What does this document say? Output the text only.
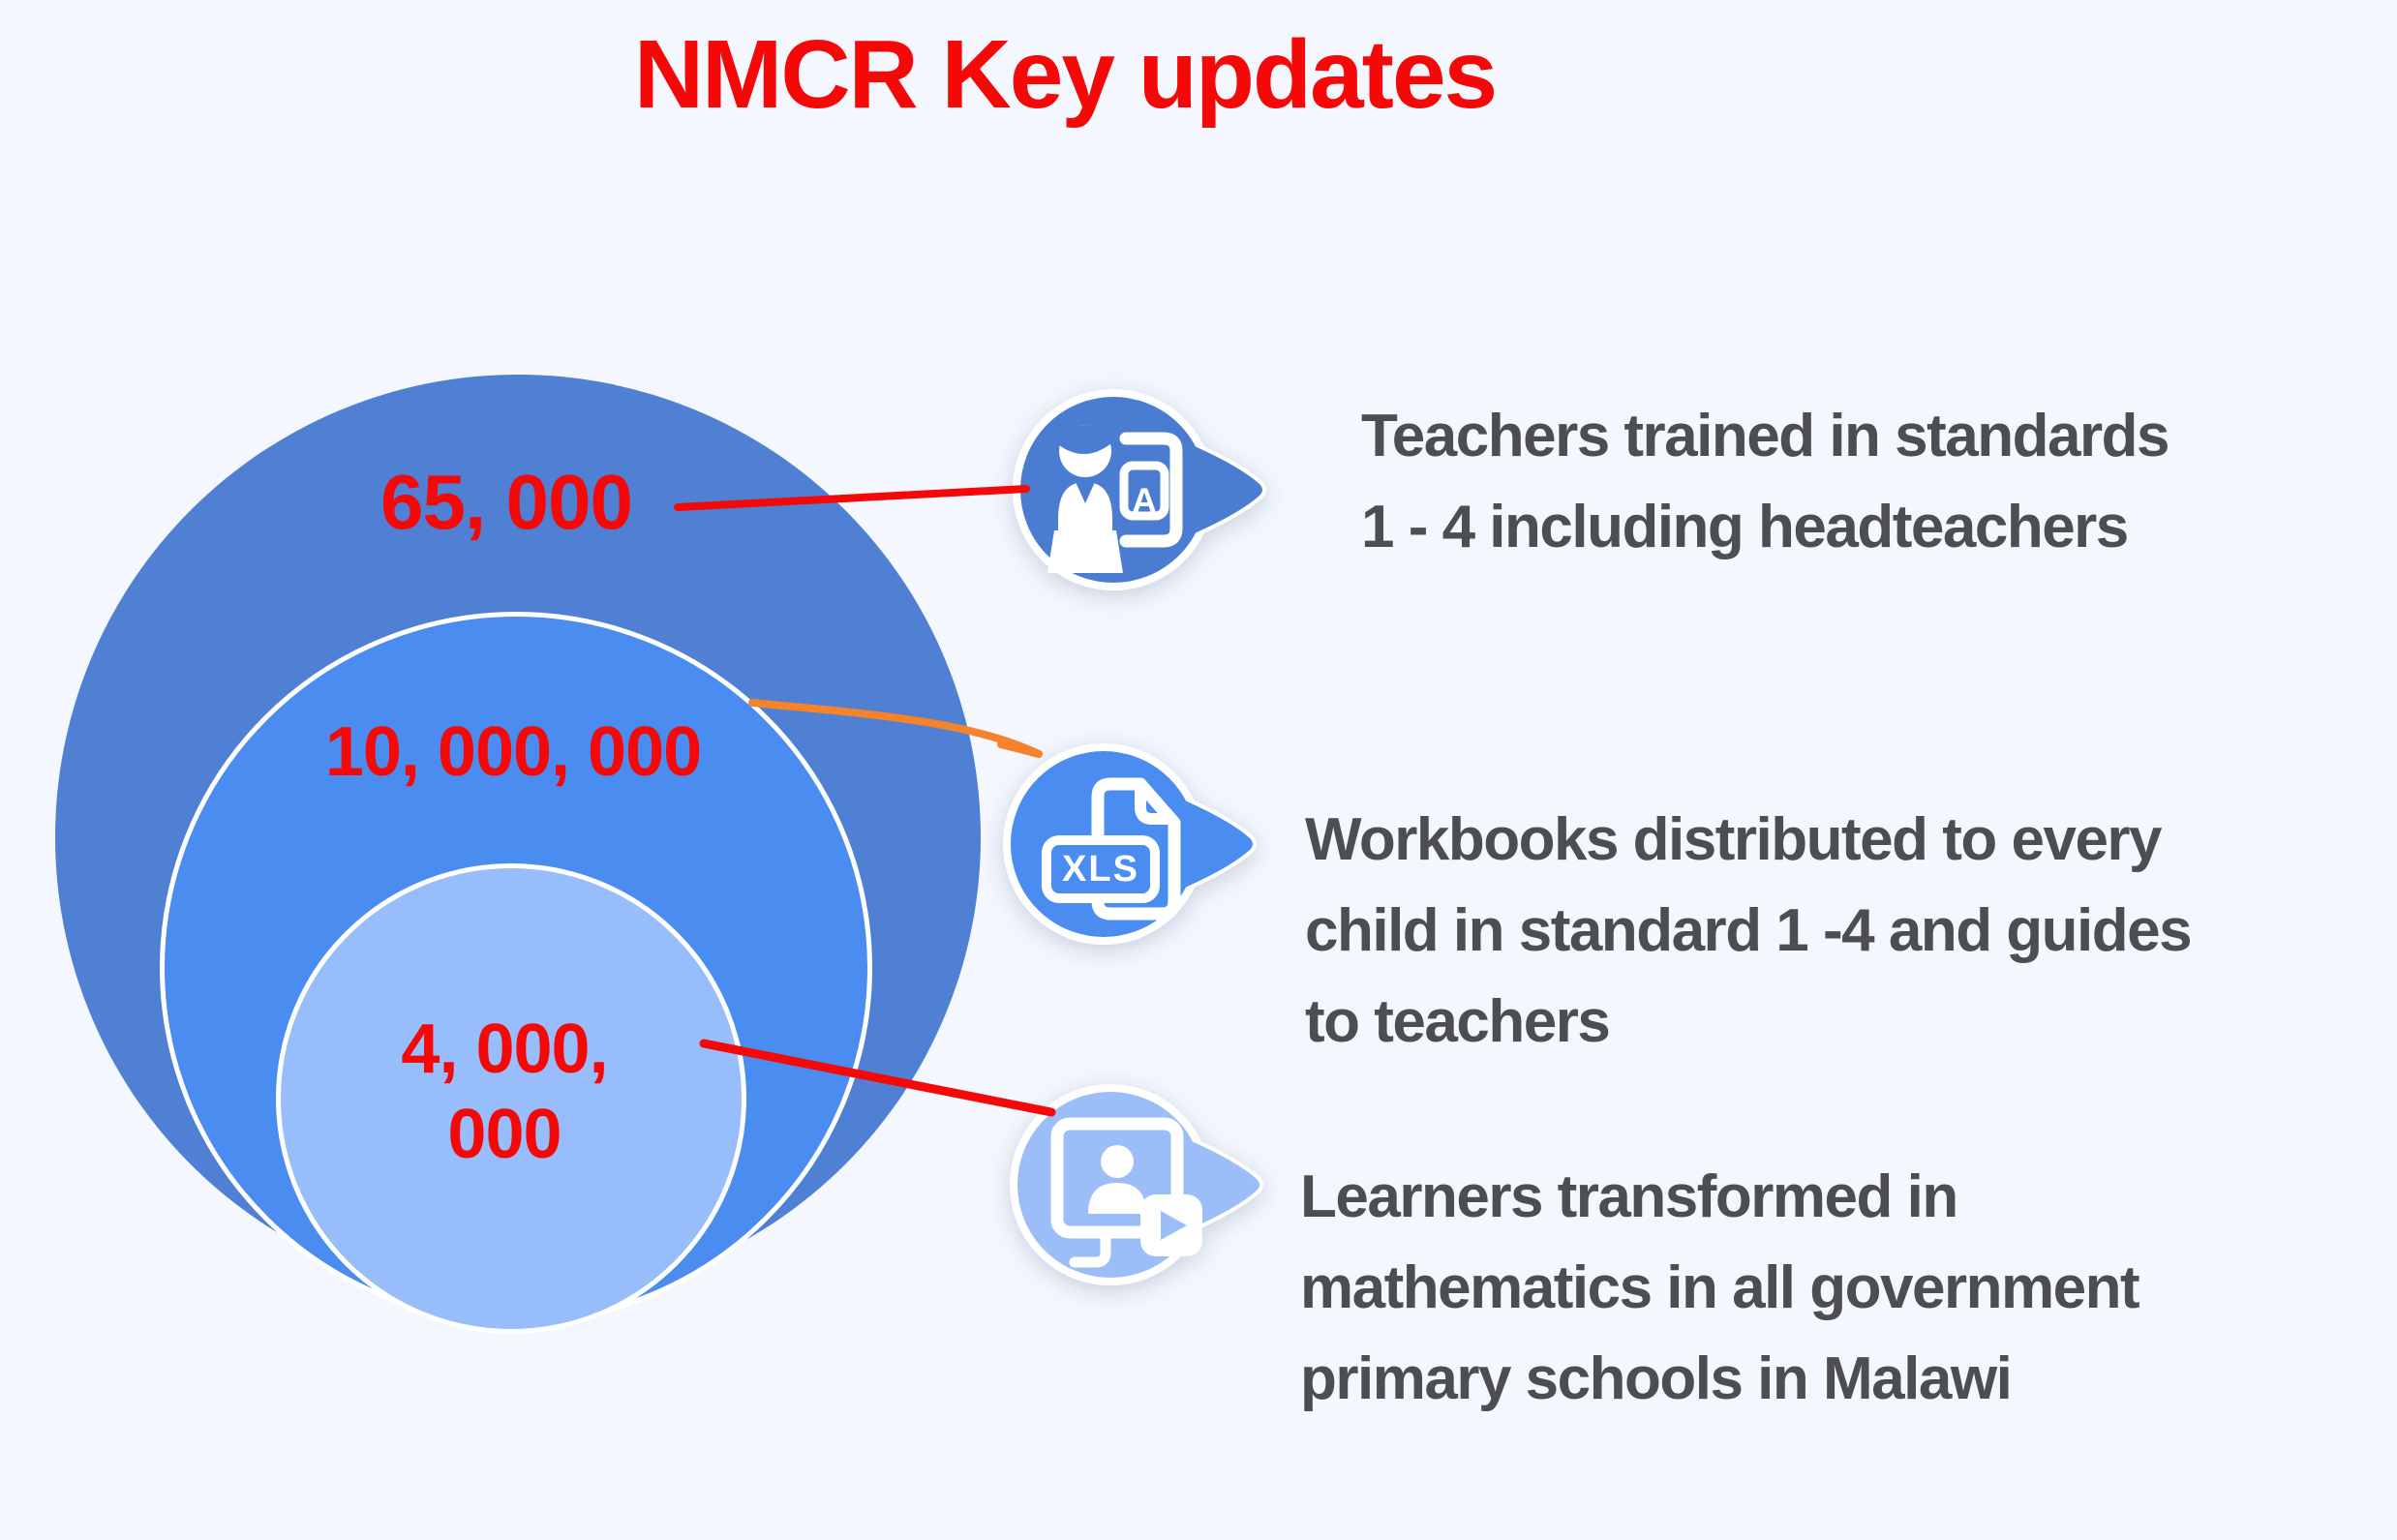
NMCR Key updates
65, 000
10, 000, 000
4, 000,
000
A
XLS
Teachers trained in standards
1 - 4 including headteachers
Workbooks distributed to every
child in standard 1 -4 and guides
to teachers
Learners transformed in
mathematics in all government
primary schools in Malawi
